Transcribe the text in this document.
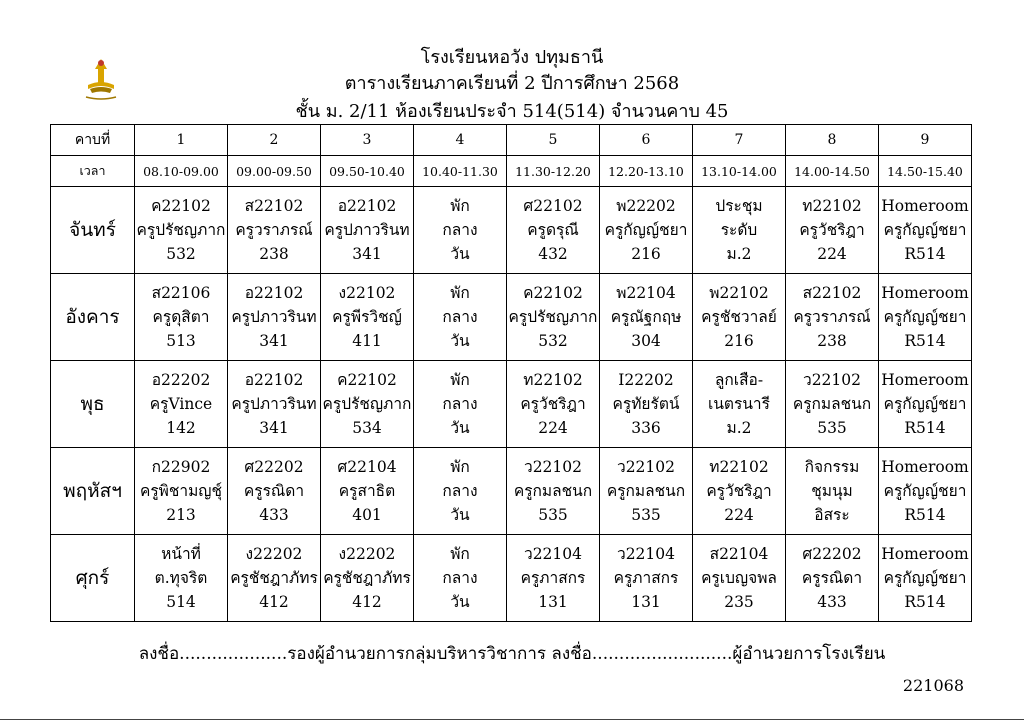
โรงเรียนหอวัง ปทุมธานี
ตารางเรียนภาคเรียนที่ 2 ปีการศึกษา 2568
ชั้น ม. 2/11 ห้องเรียนประจำ 514(514) จำนวนคาบ 45
คาบที่	1	2	3	4	5	6	7	8	9
เวลา	08.10-09.00	09.00-09.50	09.50-10.40	10.40-11.30	11.30-12.20	12.20-13.10	13.10-14.00	14.00-14.50	14.50-15.40
จันทร์	ค22102
ครูปรัชญภาก
532	ส22102
ครูวราภรณ์
238	อ22102
ครูปภาวรินท
341	พัก
กลาง
วัน	ศ22102
ครูดรุณี
432	พ22202
ครูกัญญ์ชยา
216	ประชุม
ระดับ
ม.2	ท22102
ครูวัชริฎา
224	Homeroom
ครูกัญญ์ชยา
R514

อังคาร	ส22106
ครูดุสิตา
513	อ22102
ครูปภาวรินท
341	ง22102
ครูพีรวิชญ์
411	พัก
กลาง
วัน	ค22102
ครูปรัชญภาก
532	พ22104
ครูณัฐกฤษ
304	พ22102
ครูชัชวาลย์
216	ส22102
ครูวราภรณ์
238	Homeroom
ครูกัญญ์ชยา
R514

พุธ	อ22202
ครูVince
142	อ22102
ครูปภาวรินท
341	ค22102
ครูปรัชญภาก
534	พัก
กลาง
วัน	ท22102
ครูวัชริฎา
224	I22202
ครูทัยรัตน์
336	ลูกเสือ-
เนตรนารี
ม.2	ว22102
ครูกมลชนก
535	Homeroom
ครูกัญญ์ชยา
R514

พฤหัสฯ	ก22902
ครูพิชามญชุ์
213	ศ22202
ครูรณิดา
433	ศ22104
ครูสาธิต
401	พัก
กลาง
วัน	ว22102
ครูกมลชนก
535	ว22102
ครูกมลชนก
535	ท22102
ครูวัชริฎา
224	กิจกรรม
ชุมนุม
อิสระ	Homeroom
ครูกัญญ์ชยา
R514

ศุกร์	หน้าที่
ต.ทุจริต
514	ง22202
ครูชัชฎาภัทร
412	ง22202
ครูชัชฎาภัทร
412	พัก
กลาง
วัน	ว22104
ครูภาสกร
131	ว22104
ครูภาสกร
131	ส22104
ครูเบญจพล
235	ศ22202
ครูรณิดา
433	Homeroom
ครูกัญญ์ชยา
R514
ลงชื่อ....................รองผู้อำนวยการกลุ่มบริหารวิชาการ ลงชื่อ..........................ผู้อำนวยการโรงเรียน
221068
